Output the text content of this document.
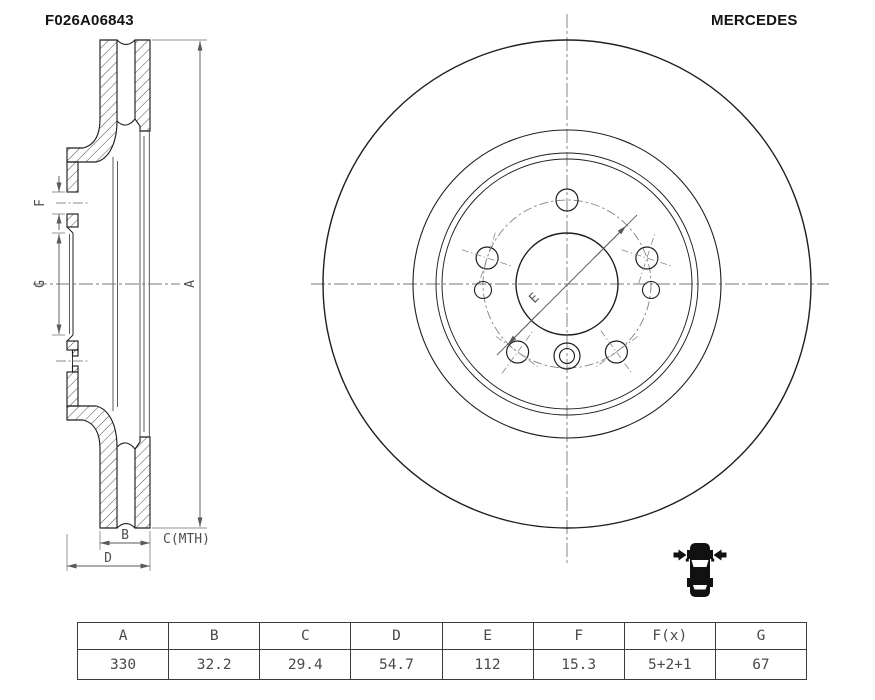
F026A06843	MERCEDES
A
F
G
B
D
C(MTH)
E
A	B	C	D	E	F	F(x)	G
330	32.2	29.4	54.7	112	15.3	5+2+1	67
